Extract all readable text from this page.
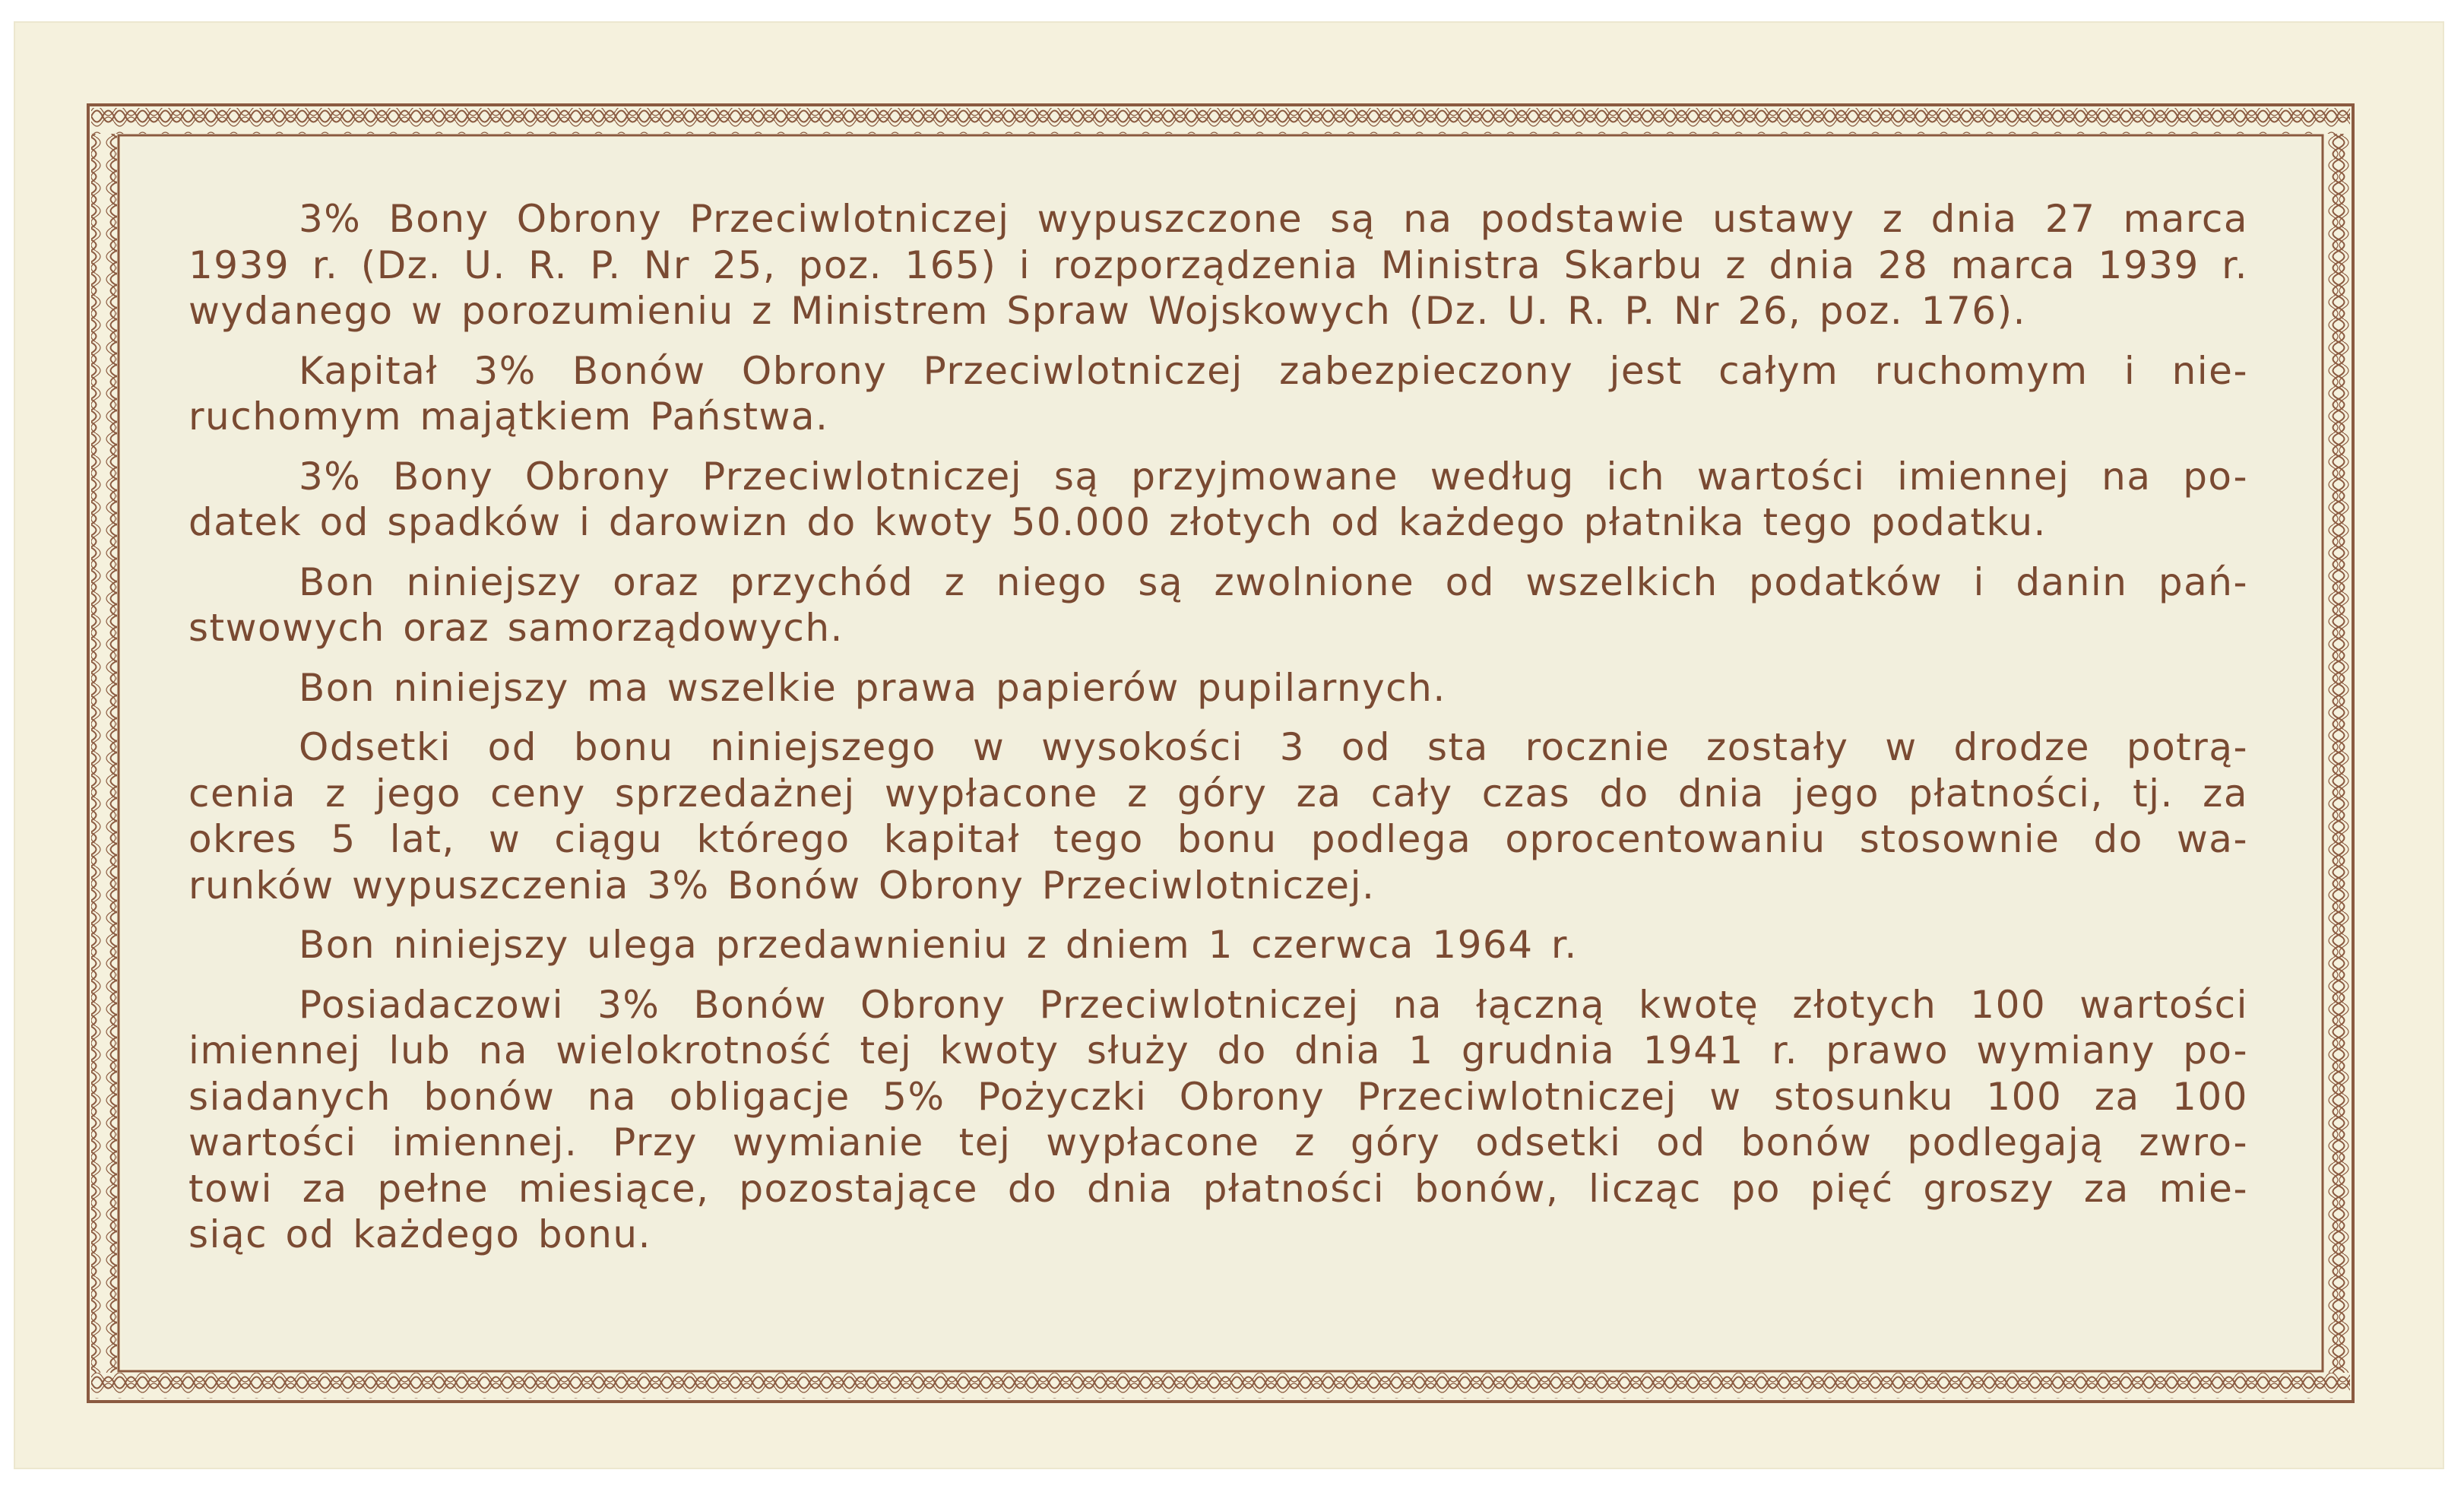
3% Bony Obrony Przeciwlotniczej wypuszczone są na podstawie ustawy z dnia 27 marca
1939 r. (Dz. U. R. P. Nr 25, poz. 165) i rozporządzenia Ministra Skarbu z dnia 28 marca 1939 r.
wydanego w porozumieniu z Ministrem Spraw Wojskowych (Dz. U. R. P. Nr 26, poz. 176).
Kapitał 3% Bonów Obrony Przeciwlotniczej zabezpieczony jest całym ruchomym i nie-
ruchomym majątkiem Państwa.
3% Bony Obrony Przeciwlotniczej są przyjmowane według ich wartości imiennej na po-
datek od spadków i darowizn do kwoty 50.000 złotych od każdego płatnika tego podatku.
Bon niniejszy oraz przychód z niego są zwolnione od wszelkich podatków i danin pań-
stwowych oraz samorządowych.
Bon niniejszy ma wszelkie prawa papierów pupilarnych.
Odsetki od bonu niniejszego w wysokości 3 od sta rocznie zostały w drodze potrą-
cenia z jego ceny sprzedażnej wypłacone z góry za cały czas do dnia jego płatności, tj. za
okres 5 lat, w ciągu którego kapitał tego bonu podlega oprocentowaniu stosownie do wa-
runków wypuszczenia 3% Bonów Obrony Przeciwlotniczej.
Bon niniejszy ulega przedawnieniu z dniem 1 czerwca 1964 r.
Posiadaczowi 3% Bonów Obrony Przeciwlotniczej na łączną kwotę złotych 100 wartości
imiennej lub na wielokrotność tej kwoty służy do dnia 1 grudnia 1941 r. prawo wymiany po-
siadanych bonów na obligacje 5% Pożyczki Obrony Przeciwlotniczej w stosunku 100 za 100
wartości imiennej. Przy wymianie tej wypłacone z góry odsetki od bonów podlegają zwro-
towi za pełne miesiące, pozostające do dnia płatności bonów, licząc po pięć groszy za mie-
siąc od każdego bonu.
